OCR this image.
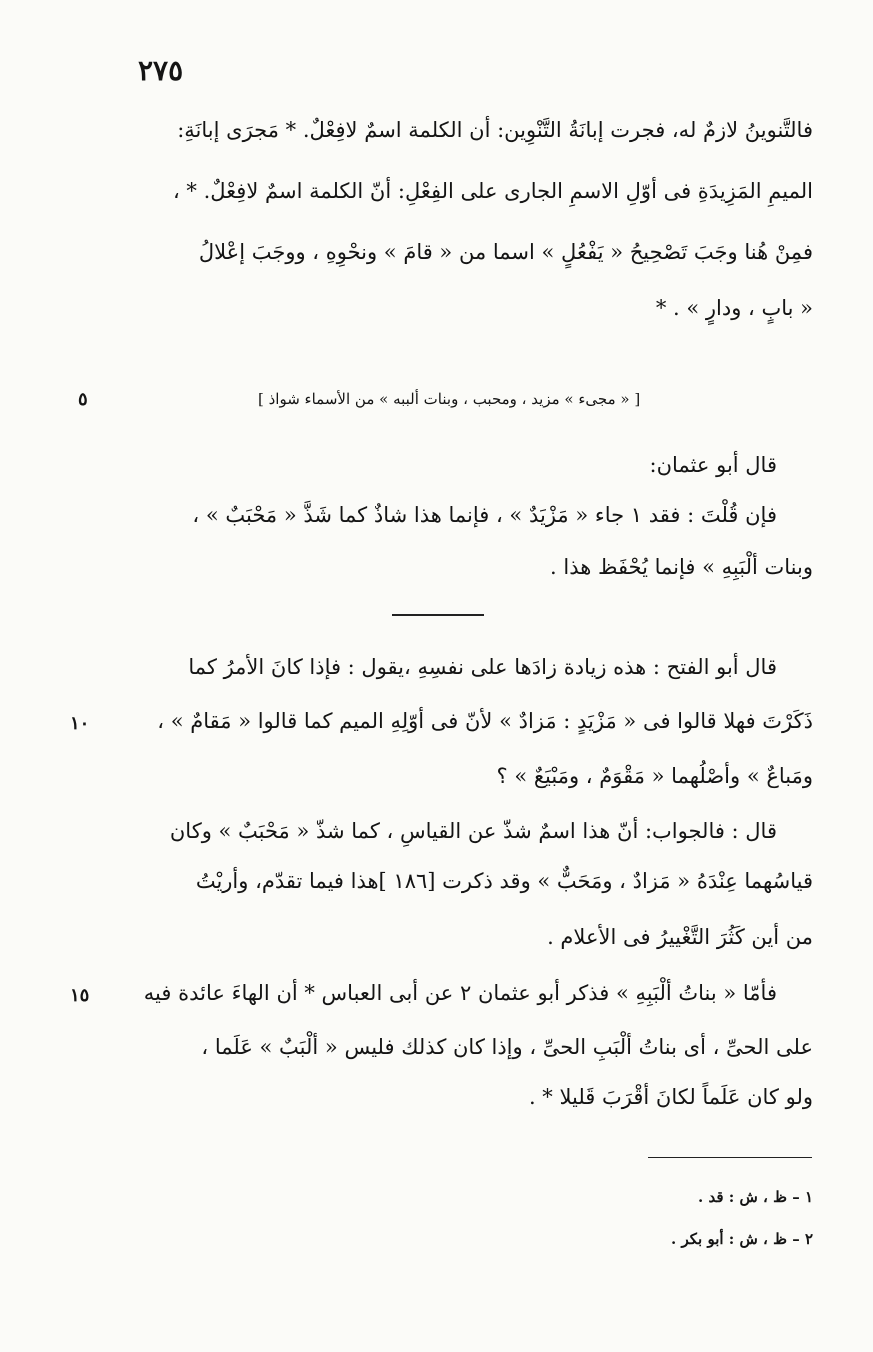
٢٧٥
فالتَّنوينُ لازمٌ له، فجرت إبانَةُ التَّنْوِين: أن الكلمة اسمٌ لافِعْلٌ. * مَجرَى إبانَةِ:
الميمِ المَزِيدَةِ فى أوّلِ الاسمِ الجارى على الفِعْلِ: أنّ الكلمة اسمٌ لافِعْلٌ. * ،
فمِنْ هُنا وجَبَ تَصْحِيحُ « يَفْعُلٍ » اسما من « قامَ » ونحْوِهِ ، ووجَبَ إعْلالُ
« بابٍ ، ودارٍ » . *
[ « مجىء » مزيد ، ومحبب ، وبنات ألببه » من الأسماء شواذ ]
٥
قال أبو عثمان:
فإن قُلْتَ : فقد ١ جاء « مَزْيَدٌ » ، فإنما هذا شاذٌ كما شَذَّ « مَحْبَبٌ » ،
وبنات ألْبَبِهِ » فإنما يُحْفَظ هذا .
قال أبو الفتح : هذه زيادة زادَها على نفسِهِ ،يقول : فإذا كانَ الأمرُ كما
ذَكَرْتَ فهلا قالوا فى « مَزْيَدٍ : مَزادٌ » لأنّ فى أوّلِهِ الميم كما قالوا « مَقامٌ » ،
١٠
ومَباعٌ » وأصْلُهما « مَقْوَمٌ ، ومَبْيَعٌ » ؟
قال : فالجواب: أنّ هذا اسمٌ شذّ عن القياسِ ، كما شذّ « مَحْبَبٌ » وكان
قياسُهما عِنْدَهُ « مَزادٌ ، ومَحَبٌّ » وقد ذكرت [١٨٦ ]هذا فيما تقدّم، وأريْتُ
من أين كَثُرَ التَّغْييرُ فى الأعلام .
فأمّا « بناتُ ألْبَبِهِ » فذكر أبو عثمان ٢ عن أبى العباس * أن الهاءَ عائدة فيه
١٥
على الحىِّ ، أى بناتُ ألْبَبِ الحىِّ ، وإذا كان كذلك فليس « ألْبَبٌ » عَلَما ،
ولو كان عَلَماً لكانَ أقْرَبَ قَليلا * .
١ – ظ ، ش : قد .
٢ – ظ ، ش : أبو بكر .
